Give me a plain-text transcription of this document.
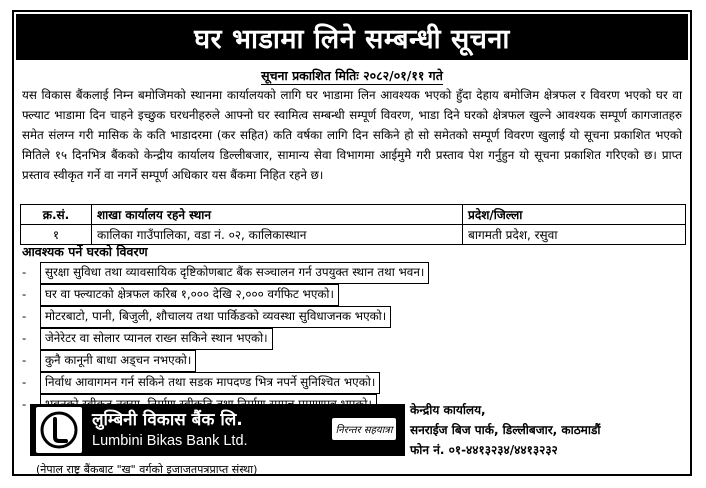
घर भाडामा लिने सम्बन्धी सूचना
सूचना प्रकाशित मितिः २०८२/०१/११ गते
यस विकास बैंकलाई निम्न बमोजिमको स्थानमा कार्यालयको लागि घर भाडामा लिन आवश्यक भएको हुँदा देहाय बमोजिम क्षेत्रफल र विवरण भएको घर वा फ्ल्याट भाडामा दिन चाहने इच्छुक घरधनीहरुले आफ्नो घर स्वामित्व सम्बन्धी सम्पूर्ण विवरण, भाडा दिने घरको क्षेत्रफल खुल्ने आवश्यक सम्पूर्ण कागजातहरु समेत संलग्न गरी मासिक के कति भाडादरमा (कर सहित) कति वर्षका लागि दिन सकिने हो सो समेतको सम्पूर्ण विवरण खुलाई यो सूचना प्रकाशित भएको मितिले १५ दिनभित्र बैंकको केन्द्रीय कार्यालय डिल्लीबजार, सामान्य सेवा विभागमा आईमुमेे गरी प्रस्ताव पेश गर्नुहुन यो सूचना प्रकाशित गरिएको छ। प्राप्त प्रस्ताव स्वीकृत गर्ने वा नगर्ने सम्पूर्ण अधिकार यस बैंकमा निहित रहने छ।
क्र.सं.	शाखा कार्यालय रहने स्थान	प्रदेश/जिल्ला
१	कालिका गाउँपालिका, वडा नं. ०२, कालिकास्थान	बागमती प्रदेश, रसुवा
आवश्यक पर्ने घरको विवरण
-	सुरक्षा सुविधा तथा व्यावसायिक दृष्टिकोणबाट बैंक सञ्चालन गर्न उपयुक्त स्थान तथा भवन।
-	घर वा फ्ल्याटको क्षेत्रफल करिब १,००० देखि २,००० वर्गफिट भएको।
-	मोटरबाटो, पानी, बिजुली, शौचालय तथा पार्किङको व्यवस्था सुविधाजनक भएको।
-	जेनेरेटर वा सोलार प्यानल राख्न सकिने स्थान भएको।
-	कुनै कानूनी बाधा अड्चन नभएको।
-	निर्वाध आवागमन गर्न सकिने तथा सडक मापदण्ड भित्र नपर्ने सुनिश्चित भएको।
-
लुम्बिनी विकास बैंक लि.
Lumbini Bikas Bank Ltd.
निरन्तर सहयात्रा
(नेपाल राष्ट्र बैंकबाट "ख" वर्गको इजाजतपत्रप्राप्त संस्था)
केन्द्रीय कार्यालय,
सनराईज बिज पार्क, डिल्लीबजार, काठमाडौं
फोन नं. ०१-४४१३२३४/४४१३२३२
